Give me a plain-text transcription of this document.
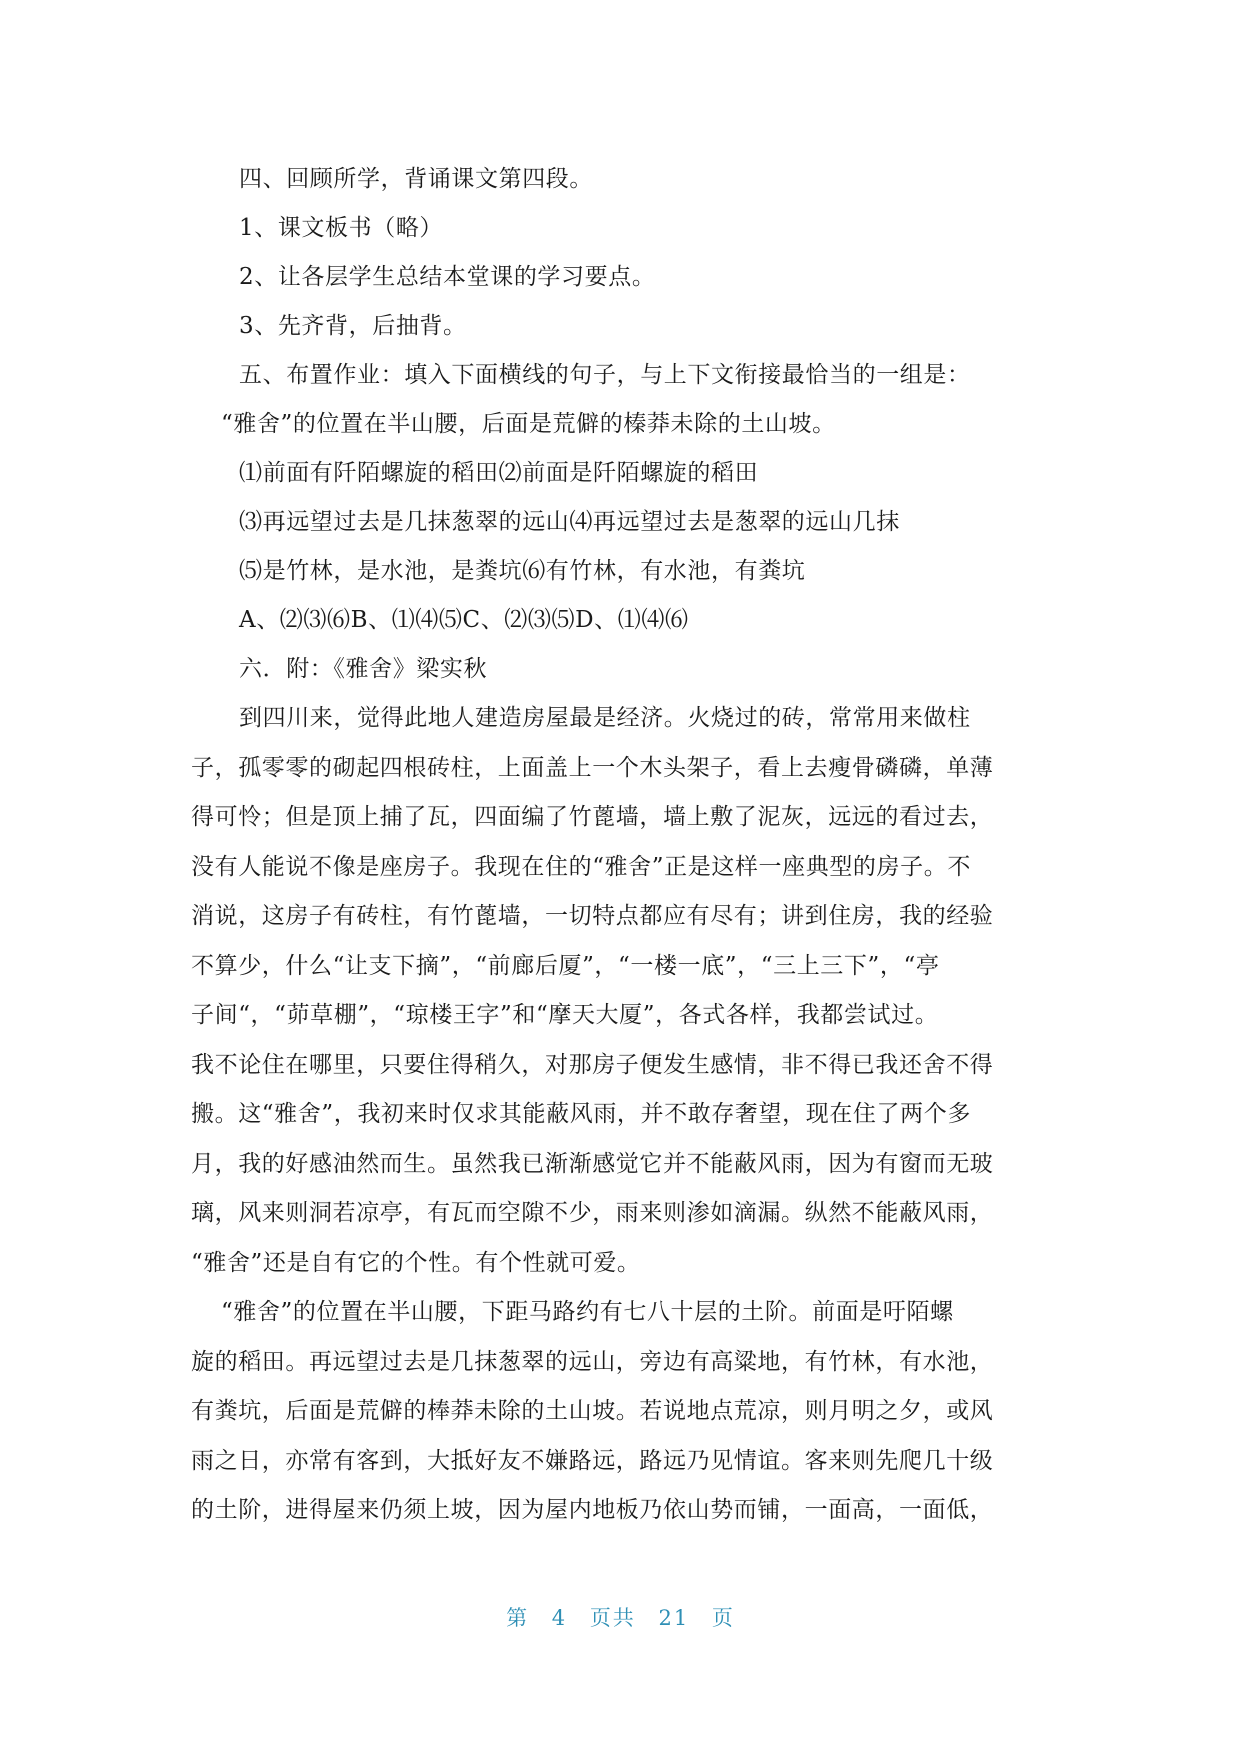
四、回顾所学，背诵课文第四段。
1、课文板书（略）
2、让各层学生总结本堂课的学习要点。
3、先齐背，后抽背。
五、布置作业：填入下面横线的句子，与上下文衔接最恰当的一组是：
“雅舍”的位置在半山腰，后面是荒僻的榛莽未除的土山坡。
⑴前面有阡陌螺旋的稻田⑵前面是阡陌螺旋的稻田
⑶再远望过去是几抹葱翠的远山⑷再远望过去是葱翠的远山几抹
⑸是竹林，是水池，是粪坑⑹有竹林，有水池，有粪坑
A、⑵⑶⑹B、⑴⑷⑸C、⑵⑶⑸D、⑴⑷⑹
六．附：《雅舍》梁实秋
到四川来，觉得此地人建造房屋最是经济。火烧过的砖，常常用来做柱
子，孤零零的砌起四根砖柱，上面盖上一个木头架子，看上去瘦骨磷磷，单薄
得可怜；但是顶上捕了瓦，四面编了竹蓖墙，墙上敷了泥灰，远远的看过去，
没有人能说不像是座房子。我现在住的“雅舍”正是这样一座典型的房子。不
消说，这房子有砖柱，有竹蓖墙，一切特点都应有尽有；讲到住房，我的经验
不算少，什么“让支下摘”，“前廊后厦”，“一楼一底”，“三上三下”，“亭
子间“，“茆草棚”，“琼楼王字”和“摩天大厦”，各式各样，我都尝试过。
我不论住在哪里，只要住得稍久，对那房子便发生感情，非不得已我还舍不得
搬。这“雅舍”，我初来时仅求其能蔽风雨，并不敢存奢望，现在住了两个多
月，我的好感油然而生。虽然我已渐渐感觉它并不能蔽风雨，因为有窗而无玻
璃，风来则洞若凉亭，有瓦而空隙不少，雨来则渗如滴漏。纵然不能蔽风雨，
“雅舍”还是自有它的个性。有个性就可爱。
“雅舍”的位置在半山腰，下距马路约有七八十层的土阶。前面是吁陌螺
旋的稻田。再远望过去是几抹葱翠的远山，旁边有高粱地，有竹林，有水池，
有粪坑，后面是荒僻的棒莽未除的土山坡。若说地点荒凉，则月明之夕，或风
雨之日，亦常有客到，大抵好友不嫌路远，路远乃见情谊。客来则先爬几十级
的土阶，进得屋来仍须上坡，因为屋内地板乃依山势而铺，一面高，一面低，
第 4 页共 21 页
